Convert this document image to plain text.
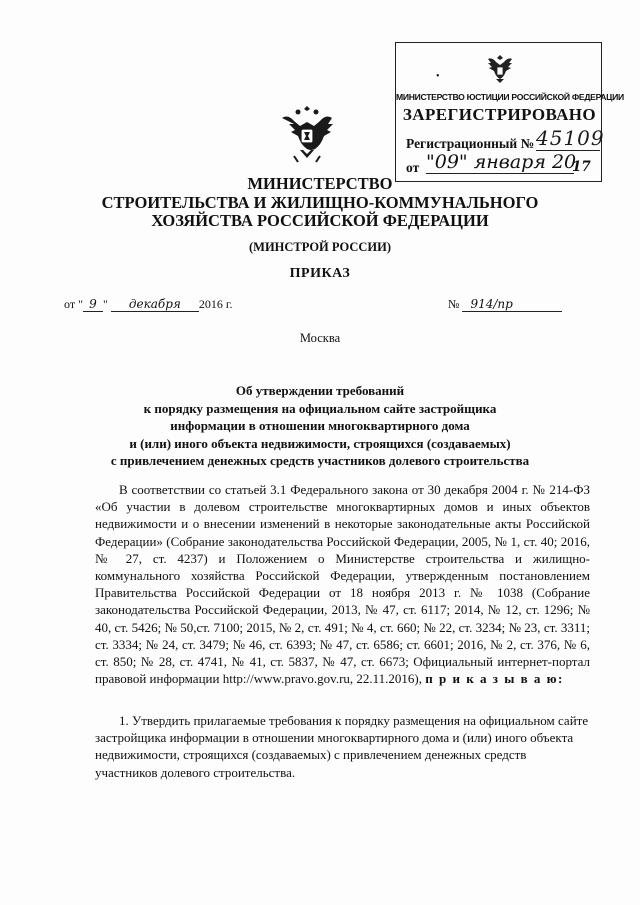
•
МИНИСТЕРСТВО ЮСТИЦИИ РОССИЙСКОЙ ФЕДЕРАЦИИ
ЗАРЕГИСТРИРОВАНО
Регистрационный № 45109
от "09" января 20
17
МИНИСТЕРСТВО
СТРОИТЕЛЬСТВА И ЖИЛИЩНО-КОММУНАЛЬНОГО
ХОЗЯЙСТВА РОССИЙСКОЙ ФЕДЕРАЦИИ
(МИНСТРОЙ РОССИИ)
ПРИКАЗ
от " 9 " декабря 2016 г.	№ 914/пр
Москва
Об утверждении требований
к порядку размещения на официальном сайте застройщика
информации в отношении многоквартирного дома
и (или) иного объекта недвижимости, строящихся (создаваемых)
с привлечением денежных средств участников долевого строительства

В соответствии со статьей 3.1 Федерального закона от 30 декабря 2004 г. № 214-ФЗ «Об участии в долевом строительстве многоквартирных домов и иных объектов недвижимости и о внесении изменений в некоторые законодательные акты Российской Федерации» (Собрание законодательства Российской Федерации, 2005, № 1, ст. 40; 2016, № 27, ст. 4237) и Положением о Министерстве строительства и жилищно-коммунального хозяйства Российской Федерации, утвержденным постановлением Правительства Российской Федерации от 18 ноября 2013 г. № 1038 (Собрание законодательства Российской Федерации, 2013, № 47, ст. 6117; 2014, № 12, ст. 1296; № 40, ст. 5426; № 50,ст. 7100; 2015, № 2, ст. 491; № 4, ст. 660; № 22, ст. 3234; № 23, ст. 3311; ст. 3334; № 24, ст. 3479; № 46, ст. 6393; № 47, ст. 6586; ст. 6601; 2016, № 2, ст. 376, № 6, ст. 850; № 28, ст. 4741, № 41, ст. 5837, № 47, ст. 6673; Официальный интернет-портал правовой информации http://www.pravo.gov.ru, 22.11.2016), п р и к а з ы в а ю:

1. Утвердить прилагаемые требования к порядку размещения на официальном сайте застройщика информации в отношении многоквартирного дома и (или) иного объекта недвижимости, строящихся (создаваемых) с привлечением денежных средств участников долевого строительства.
